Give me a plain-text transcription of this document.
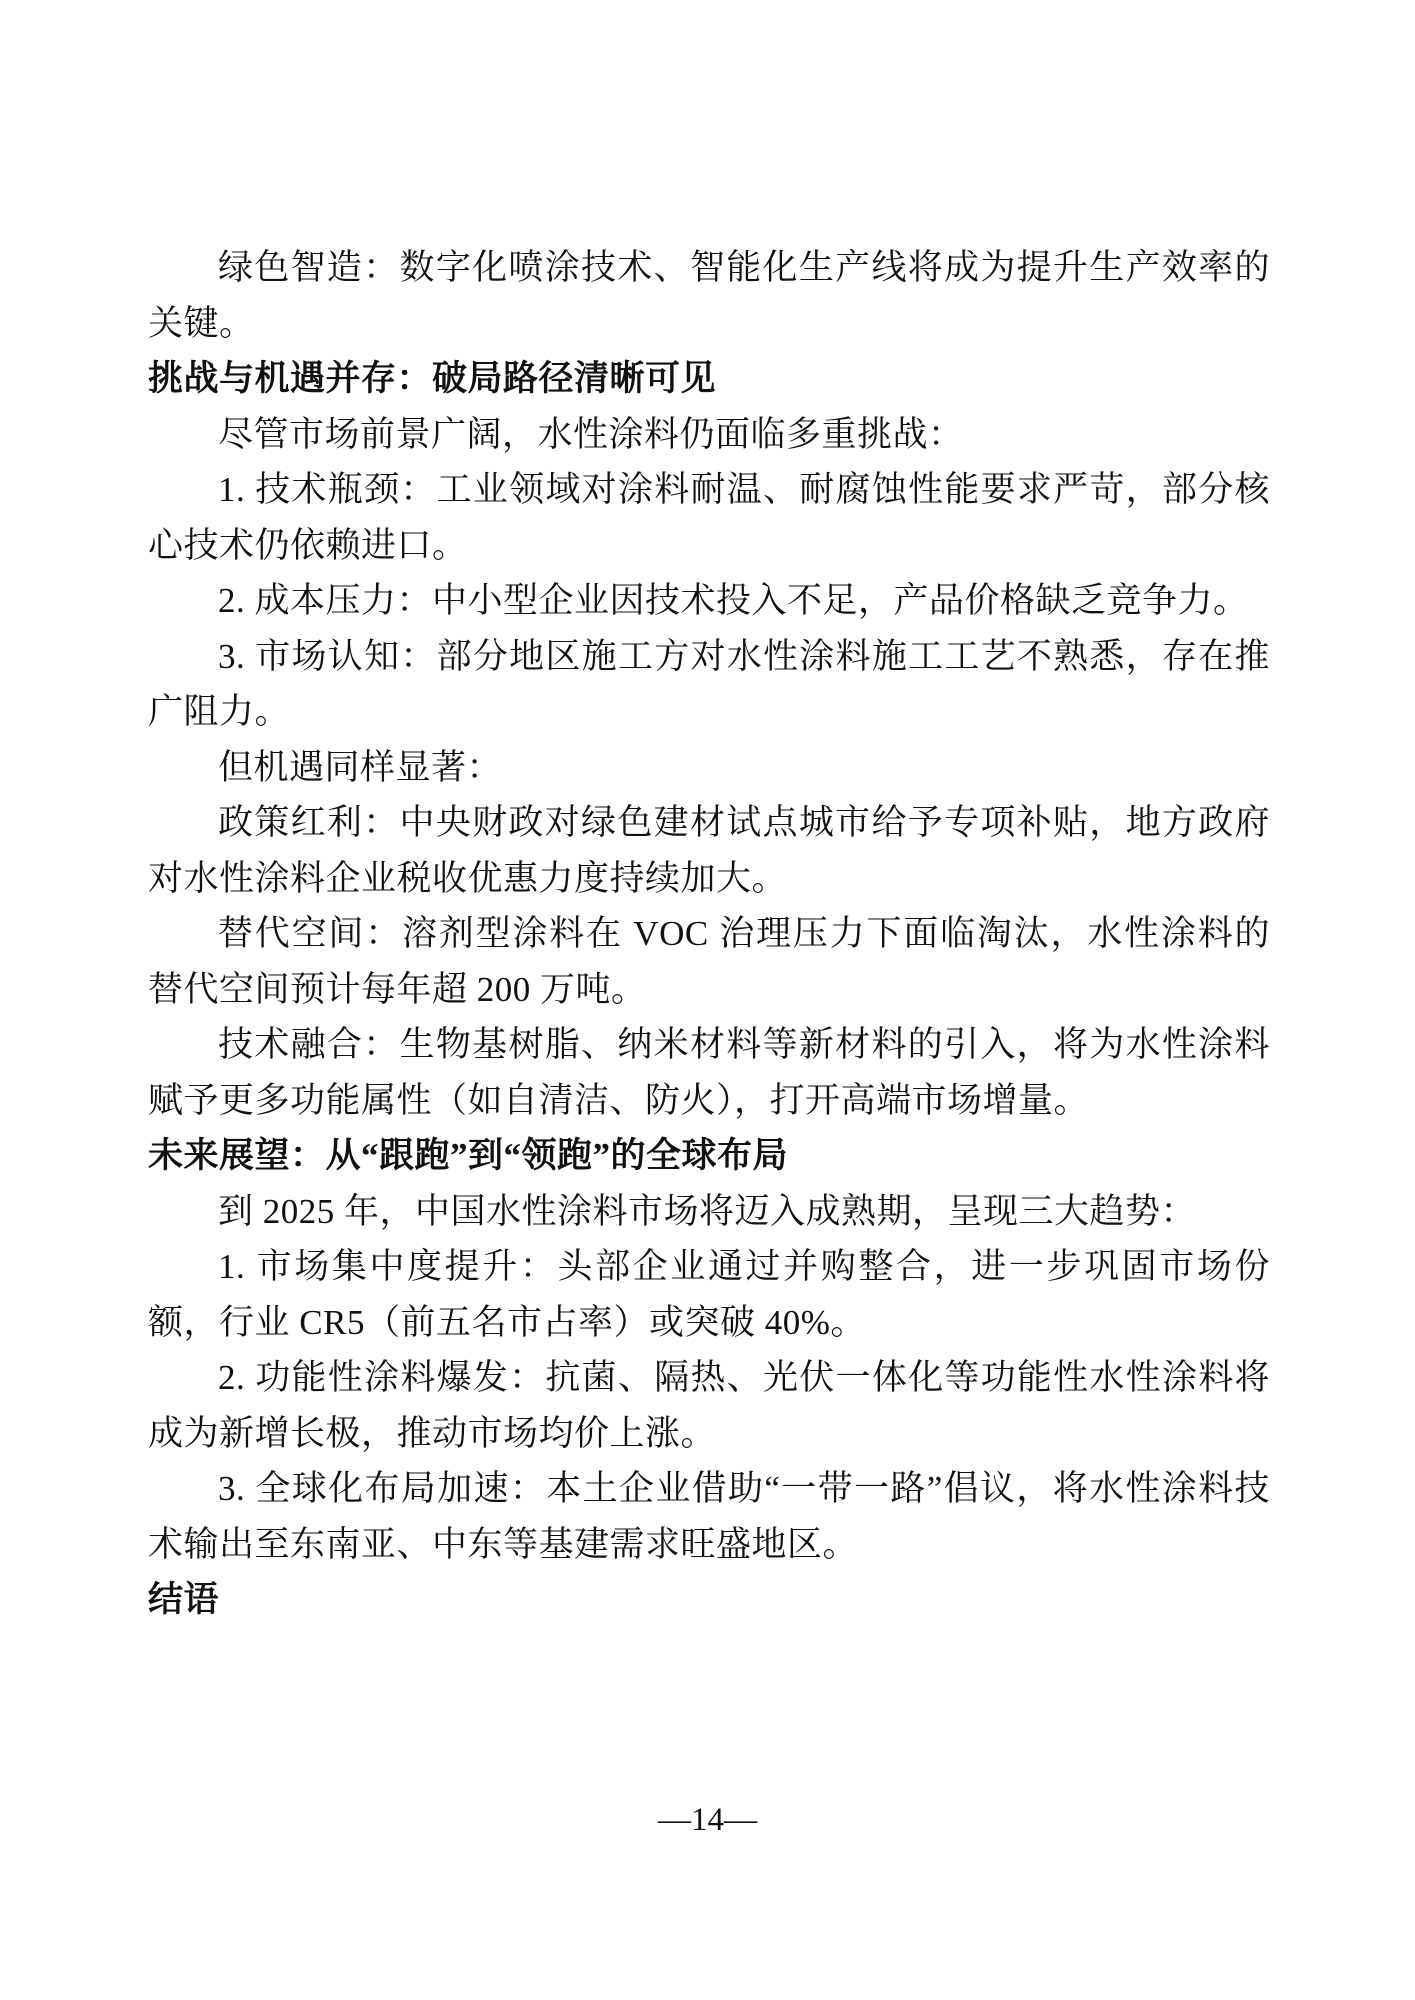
绿色智造：数字化喷涂技术、智能化生产线将成为提升生产效率的关键。

挑战与机遇并存：破局路径清晰可见

尽管市场前景广阔，水性涂料仍面临多重挑战：

1. 技术瓶颈：工业领域对涂料耐温、耐腐蚀性能要求严苛，部分核心技术仍依赖进口。

2. 成本压力：中小型企业因技术投入不足，产品价格缺乏竞争力。

3. 市场认知：部分地区施工方对水性涂料施工工艺不熟悉，存在推广阻力。

但机遇同样显著：

政策红利：中央财政对绿色建材试点城市给予专项补贴，地方政府对水性涂料企业税收优惠力度持续加大。

替代空间：溶剂型涂料在 VOC 治理压力下面临淘汰，水性涂料的替代空间预计每年超 200 万吨。

技术融合：生物基树脂、纳米材料等新材料的引入，将为水性涂料赋予更多功能属性（如自清洁、防火），打开高端市场增量。

未来展望：从“跟跑”到“领跑”的全球布局

到 2025 年，中国水性涂料市场将迈入成熟期，呈现三大趋势：

1. 市场集中度提升：头部企业通过并购整合，进一步巩固市场份额，行业 CR5（前五名市占率）或突破 40%。

2. 功能性涂料爆发：抗菌、隔热、光伏一体化等功能性水性涂料将成为新增长极，推动市场均价上涨。

3. 全球化布局加速：本土企业借助“一带一路”倡议，将水性涂料技术输出至东南亚、中东等基建需求旺盛地区。

结语

—14—
